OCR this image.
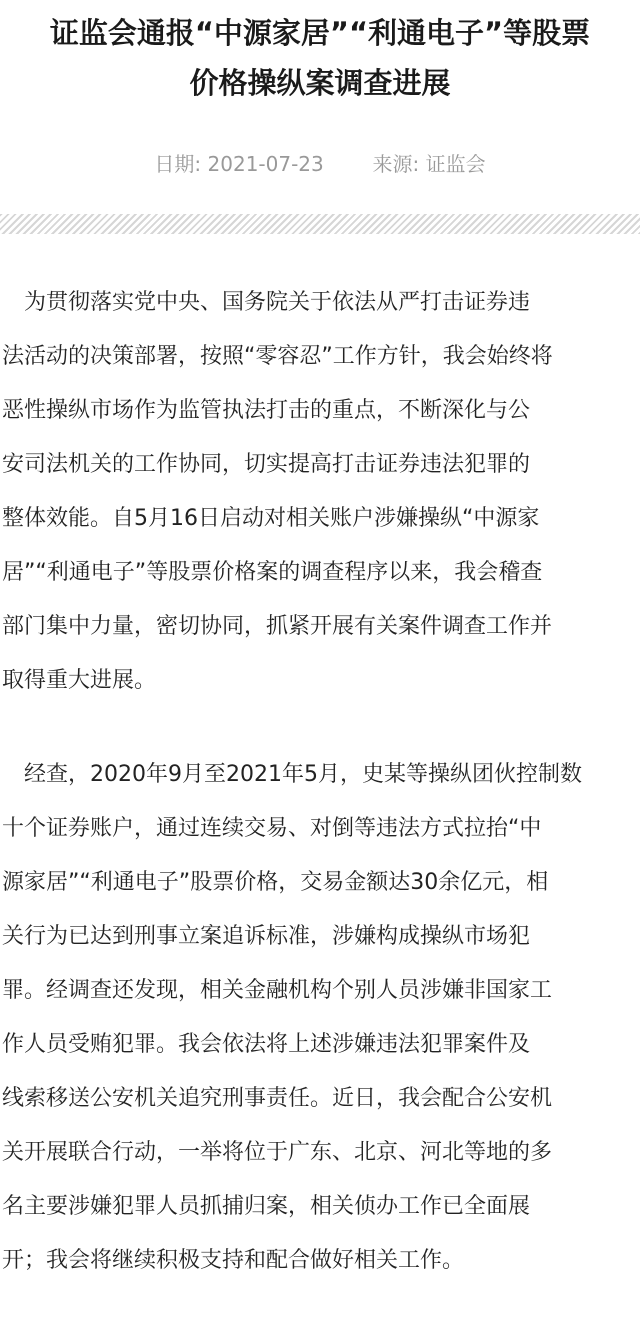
证监会通报“中源家居”“利通电子”等股票
价格操纵案调查进展
日期: 2021-07-23 来源: 证监会

　为贯彻落实党中央、国务院关于依法从严打击证券违
法活动的决策部署，按照“零容忍”工作方针，我会始终将
恶性操纵市场作为监管执法打击的重点，不断深化与公
安司法机关的工作协同，切实提高打击证券违法犯罪的
整体效能。自5月16日启动对相关账户涉嫌操纵“中源家
居”“利通电子”等股票价格案的调查程序以来，我会稽查
部门集中力量，密切协同，抓紧开展有关案件调查工作并
取得重大进展。

　经查，2020年9月至2021年5月，史某等操纵团伙控制数
十个证券账户，通过连续交易、对倒等违法方式拉抬“中
源家居”“利通电子”股票价格，交易金额达30余亿元，相
关行为已达到刑事立案追诉标准，涉嫌构成操纵市场犯
罪。经调查还发现，相关金融机构个别人员涉嫌非国家工
作人员受贿犯罪。我会依法将上述涉嫌违法犯罪案件及
线索移送公安机关追究刑事责任。近日，我会配合公安机
关开展联合行动，一举将位于广东、北京、河北等地的多
名主要涉嫌犯罪人员抓捕归案，相关侦办工作已全面展
开；我会将继续积极支持和配合做好相关工作。
